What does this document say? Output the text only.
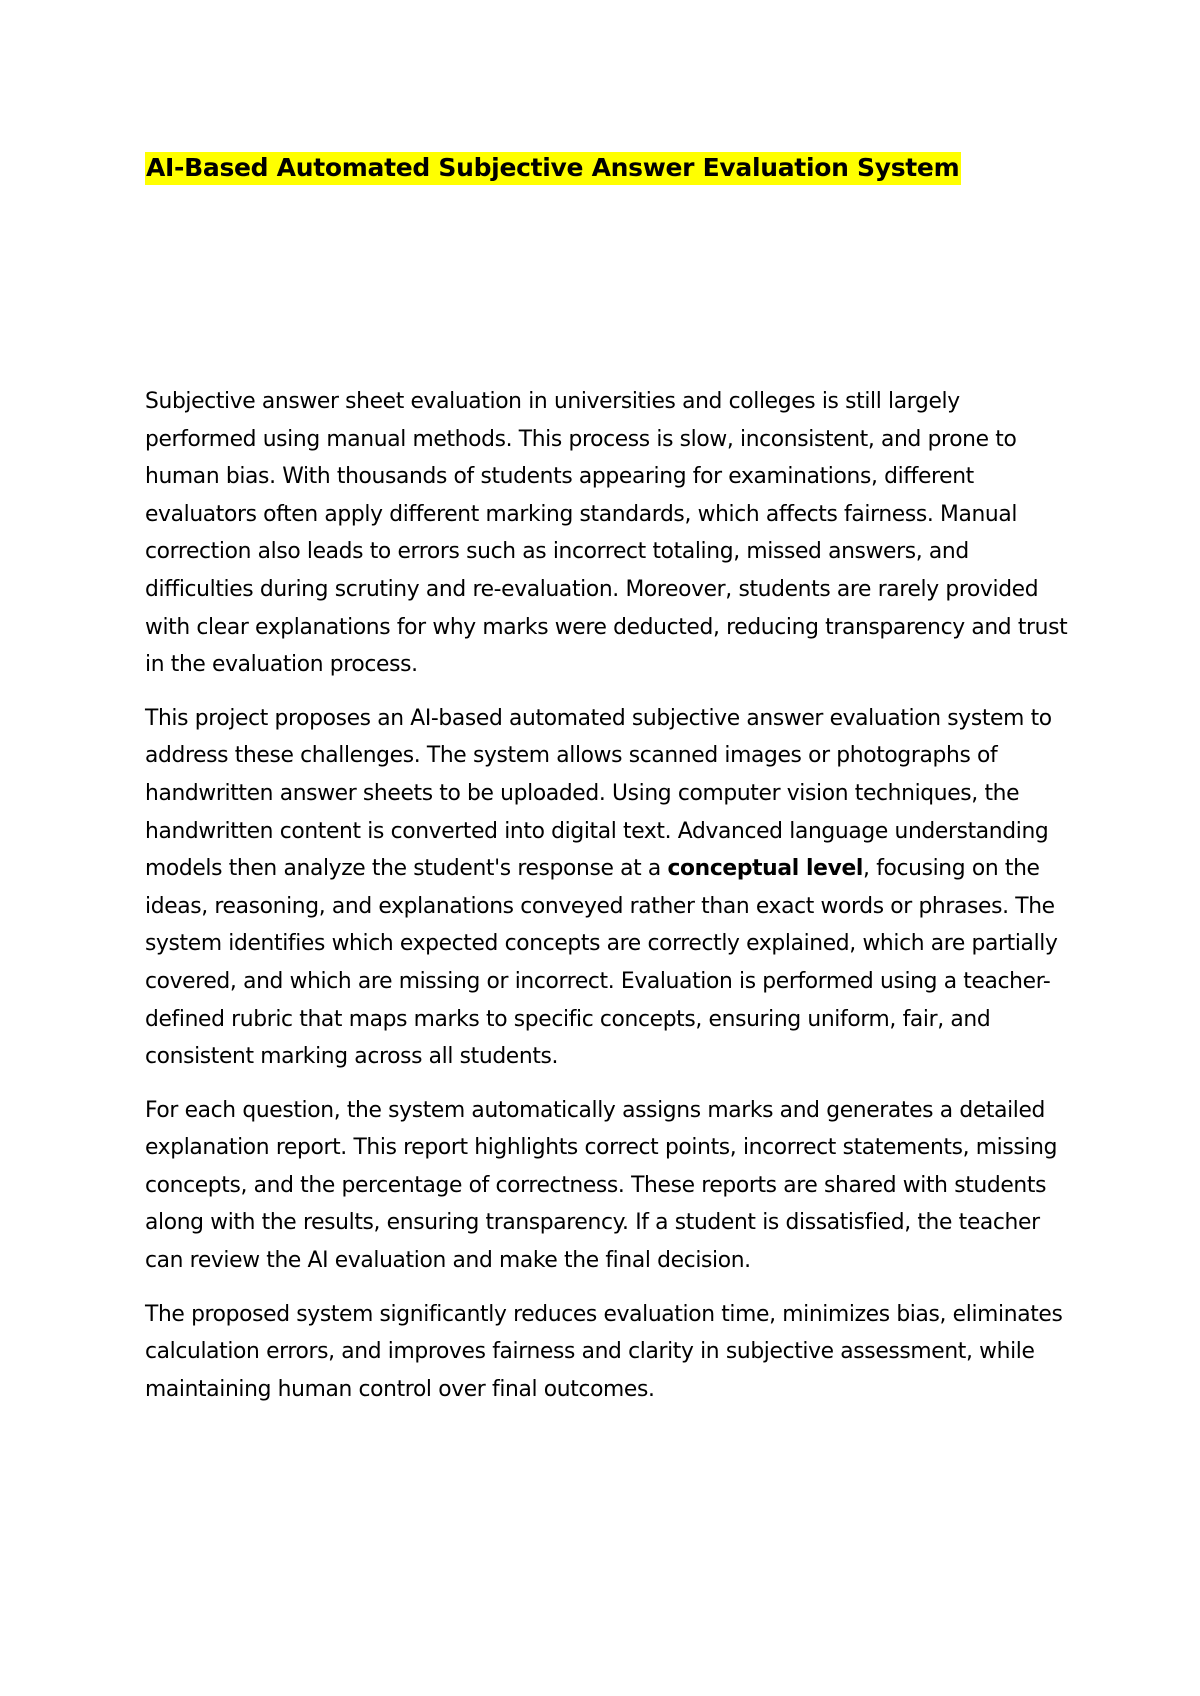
AI-Based Automated Subjective Answer Evaluation System

Subjective answer sheet evaluation in universities and colleges is still largely performed using manual methods. This process is slow, inconsistent, and prone to human bias. With thousands of students appearing for examinations, different evaluators often apply different marking standards, which affects fairness. Manual correction also leads to errors such as incorrect totaling, missed answers, and difficulties during scrutiny and re-evaluation. Moreover, students are rarely provided with clear explanations for why marks were deducted, reducing transparency and trust in the evaluation process.

This project proposes an AI-based automated subjective answer evaluation system to address these challenges. The system allows scanned images or photographs of handwritten answer sheets to be uploaded. Using computer vision techniques, the handwritten content is converted into digital text. Advanced language understanding models then analyze the student's response at a conceptual level, focusing on the ideas, reasoning, and explanations conveyed rather than exact words or phrases. The system identifies which expected concepts are correctly explained, which are partially covered, and which are missing or incorrect. Evaluation is performed using a teacher-defined rubric that maps marks to specific concepts, ensuring uniform, fair, and consistent marking across all students.

For each question, the system automatically assigns marks and generates a detailed explanation report. This report highlights correct points, incorrect statements, missing concepts, and the percentage of correctness. These reports are shared with students along with the results, ensuring transparency. If a student is dissatisfied, the teacher can review the AI evaluation and make the final decision.

The proposed system significantly reduces evaluation time, minimizes bias, eliminates calculation errors, and improves fairness and clarity in subjective assessment, while maintaining human control over final outcomes.
